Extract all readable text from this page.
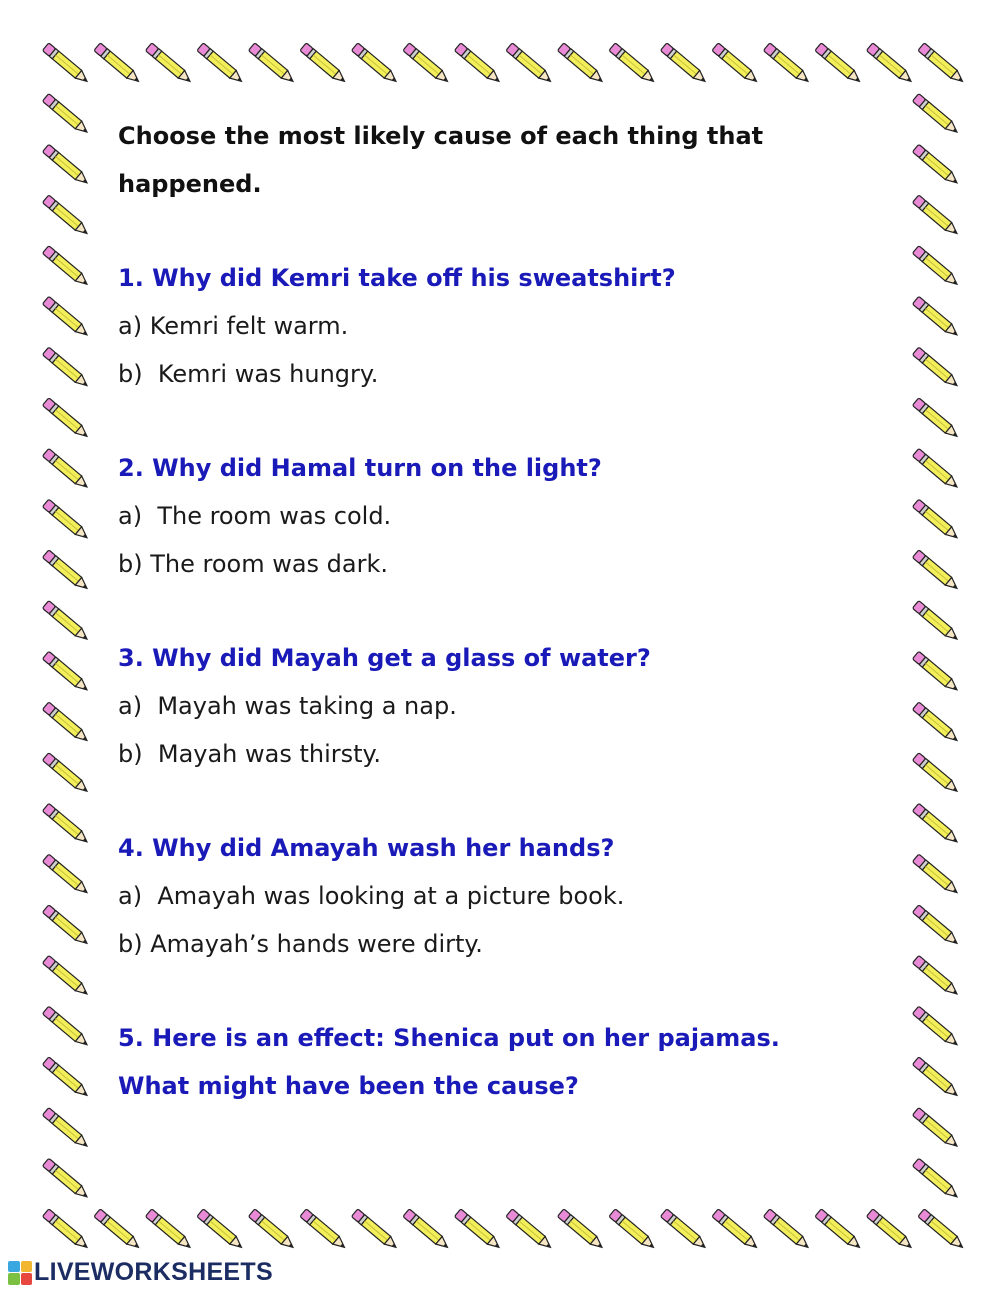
Choose the most likely cause of each thing that

happened.

1. Why did Kemri take off his sweatshirt?

a) Kemri felt warm.

b)  Kemri was hungry.

2. Why did Hamal turn on the light?

a)  The room was cold.

b) The room was dark.

3. Why did Mayah get a glass of water?

a)  Mayah was taking a nap.

b)  Mayah was thirsty.

4. Why did Amayah wash her hands?

a)  Amayah was looking at a picture book.

b) Amayah’s hands were dirty.

5. Here is an effect: Shenica put on her pajamas.

What might have been the cause?

LIVEWORKSHEETS
